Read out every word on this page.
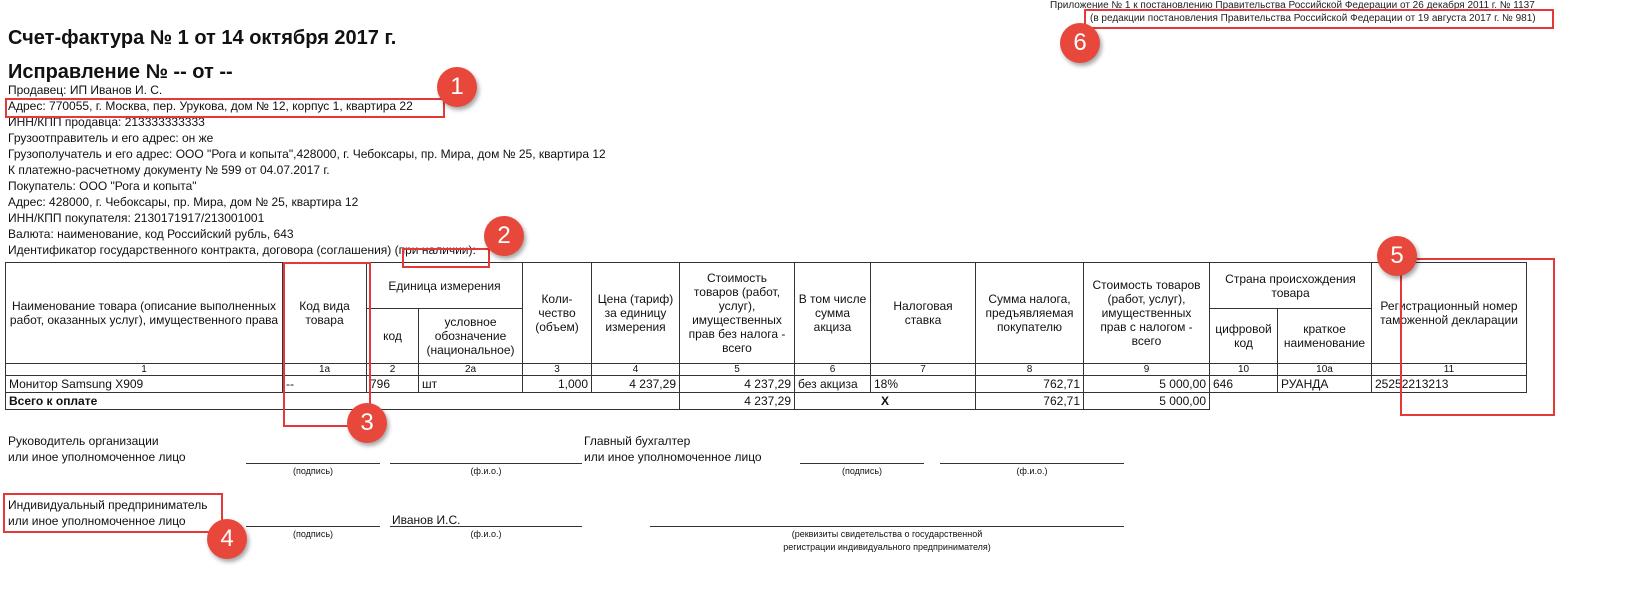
Приложение № 1 к постановлению Правительства Российской Федерации от 26 декабря 2011 г. № 1137
(в редакции постановления Правительства Российской Федерации от 19 августа 2017 г. № 981)
Счет-фактура № 1 от 14 октября 2017 г.
Исправление № -- от --
Продавец: ИП Иванов И. С.
Адрес: 770055, г. Москва, пер. Урукова, дом № 12, корпус 1, квартира 22
ИНН/КПП продавца: 213333333333
Грузоотправитель и его адрес: он же
Грузополучатель и его адрес: ООО "Рога и копыта",428000, г. Чебоксары, пр. Мира, дом № 25, квартира 12
К платежно-расчетному документу № 599 от 04.07.2017 г.
Покупатель: ООО "Рога и копыта"
Адрес: 428000, г. Чебоксары, пр. Мира, дом № 25, квартира 12
ИНН/КПП покупателя: 2130171917/213001001
Валюта: наименование, код Российский рубль, 643
Идентификатор государственного контракта, договора (соглашения) (при наличии):
Наименование товара (описание выполненных работ, оказанных услуг), имущественного права	Код вида товара	Единица измерения		Коли-чество (объем)	Цена (тариф) за единицу измерения	Стоимость товаров (работ, услуг), имущественных прав без налога - всего	В том числе сумма акциза	Налоговая ставка	Сумма налога, предъявляемая покупателю	Стоимость товаров (работ, услуг), имущественных прав с налогом - всего	Страна происхождения товара		Регистрационный номер таможенной декларации
		код	условное обозначение (национальное)								цифровой код	краткое наименование	
1	1а	2	2а	3	4	5	6	7	8	9	10	10а	11
Монитор Samsung X909	--	796	шт	1,000	4 237,29	4 237,29	без акциза	18%	762,71	5 000,00	646	РУАНДА	25252213213
Всего к оплате						4 237,29	X		762,71	5 000,00			
Руководитель организации
или иное уполномоченное лицо
(подпись)	(ф.и.о.)
Главный бухгалтер
или иное уполномоченное лицо
(подпись)	(ф.и.о.)
Индивидуальный предприниматель
или иное уполномоченное лицо	Иванов И.С.
(подпись)	(ф.и.о.)	(реквизиты свидетельства о государственной
регистрации индивидуального предпринимателя)
1
2
3
4
5
6
